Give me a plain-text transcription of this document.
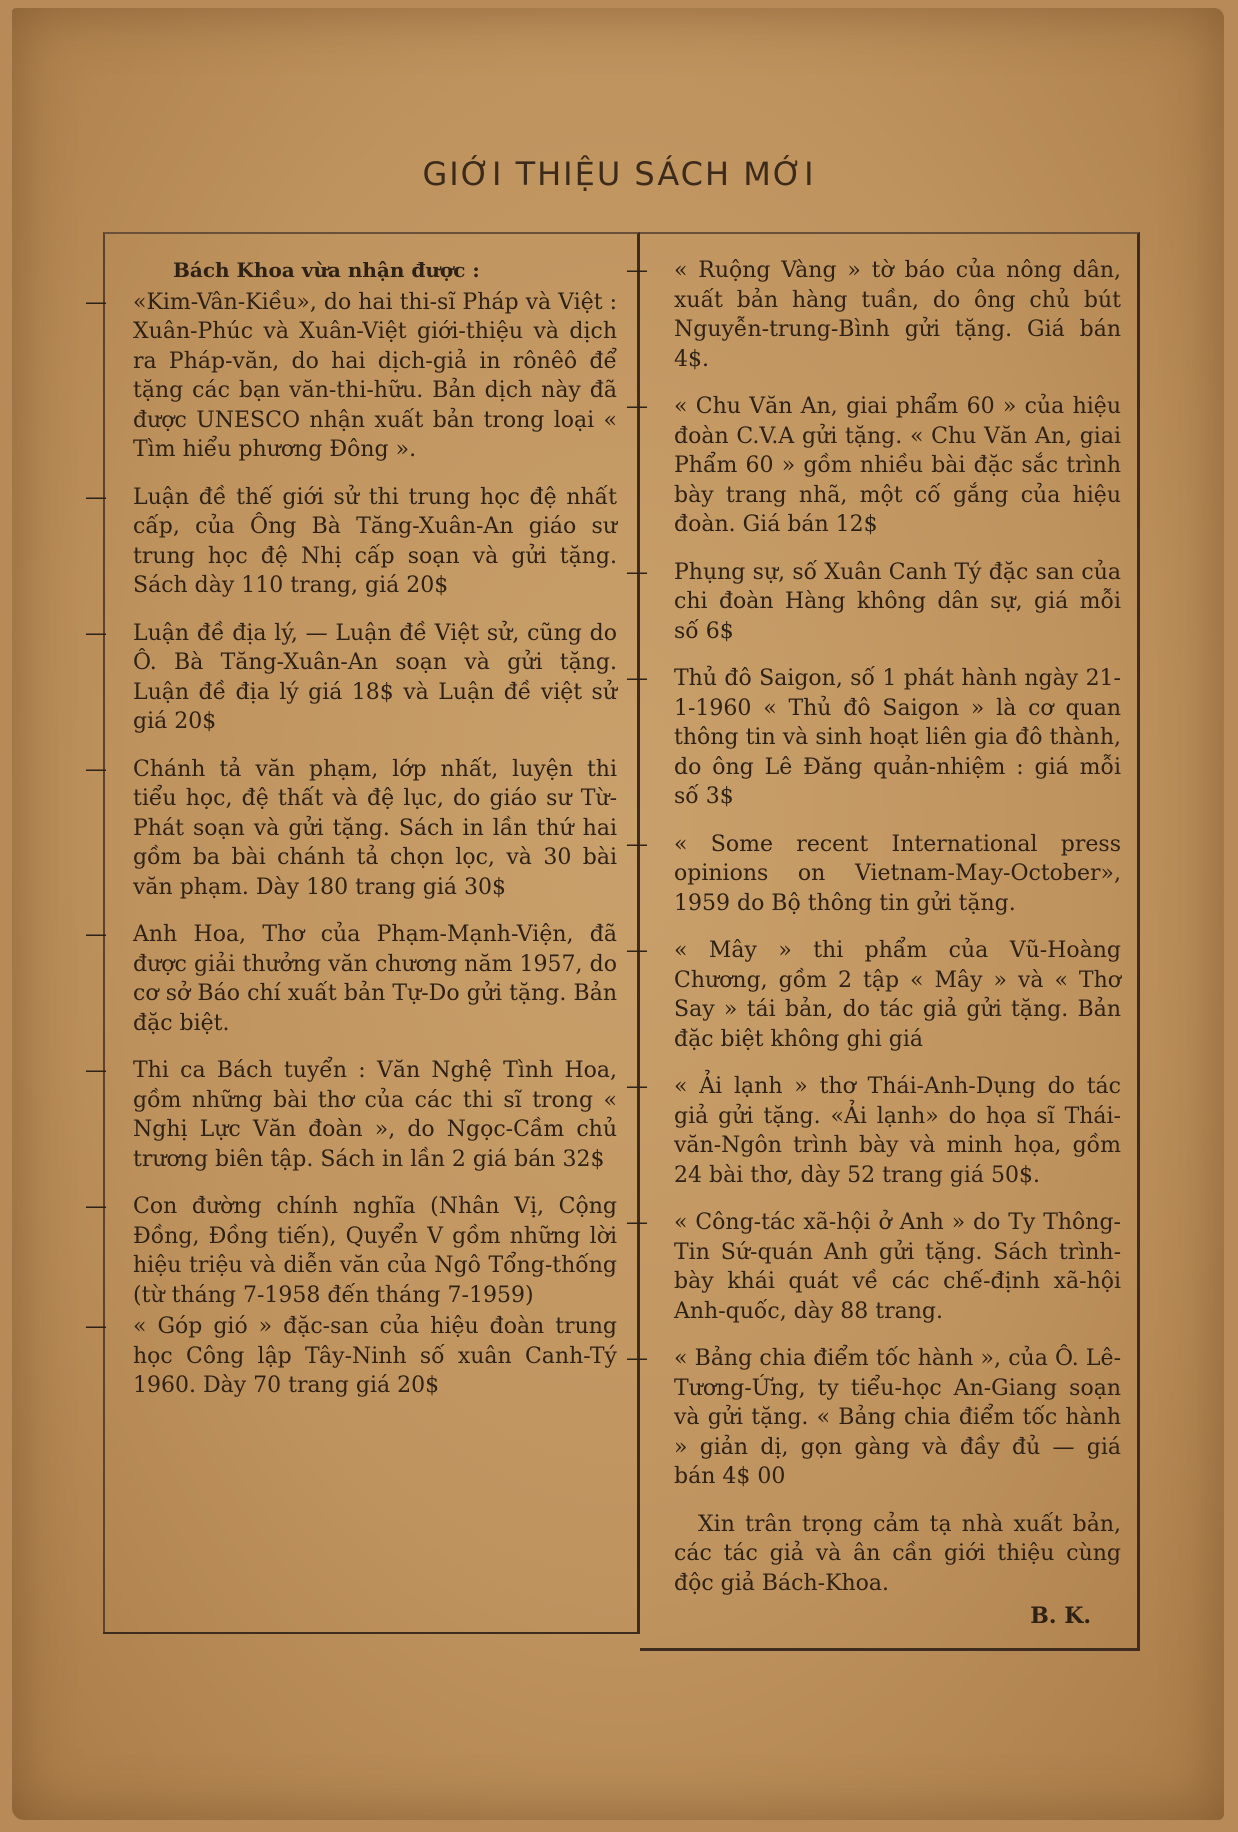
GIỚI THIỆU SÁCH MỚI

Bách Khoa vừa nhận được :

— «Kim-Vân-Kiều», do hai thi-sĩ Pháp và Việt : Xuân-Phúc và Xuân-Việt giới-thiệu và dịch ra Pháp-văn, do hai dịch-giả in rônêô để tặng các bạn văn-thi-hữu. Bản dịch này đã được UNESCO nhận xuất bản trong loại « Tìm hiểu phương Đông ».

— Luận đề thế giới sử thi trung học đệ nhất cấp, của Ông Bà Tăng-Xuân-An giáo sư trung học đệ Nhị cấp soạn và gửi tặng. Sách dày 110 trang, giá 20$

— Luận đề địa lý, — Luận đề Việt sử, cũng do Ô. Bà Tăng-Xuân-An soạn và gửi tặng. Luận đề địa lý giá 18$ và Luận đề việt sử giá 20$

— Chánh tả văn phạm, lớp nhất, luyện thi tiểu học, đệ thất và đệ lục, do giáo sư Từ-Phát soạn và gửi tặng. Sách in lần thứ hai gồm ba bài chánh tả chọn lọc, và 30 bài văn phạm. Dày 180 trang giá 30$

— Anh Hoa, Thơ của Phạm-Mạnh-Viện, đã được giải thưởng văn chương năm 1957, do cơ sở Báo chí xuất bản Tự-Do gửi tặng. Bản đặc biệt.

— Thi ca Bách tuyển : Văn Nghệ Tình Hoa, gồm những bài thơ của các thi sĩ trong « Nghị Lực Văn đoàn », do Ngọc-Cầm chủ trương biên tập. Sách in lần 2 giá bán 32$

— Con đường chính nghĩa (Nhân Vị, Cộng Đồng, Đồng tiến), Quyển V gồm những lời hiệu triệu và diễn văn của Ngô Tổng-thống (từ tháng 7-1958 đến tháng 7-1959)

— « Góp gió » đặc-san của hiệu đoàn trung học Công lập Tây-Ninh số xuân Canh-Tý 1960. Dày 70 trang giá 20$

— « Ruộng Vàng » tờ báo của nông dân, xuất bản hàng tuần, do ông chủ bút Nguyễn-trung-Bình gửi tặng. Giá bán 4$.

— « Chu Văn An, giai phẩm 60 » của hiệu đoàn C.V.A gửi tặng. « Chu Văn An, giai Phẩm 60 » gồm nhiều bài đặc sắc trình bày trang nhã, một cố gắng của hiệu đoàn. Giá bán 12$

— Phụng sự, số Xuân Canh Tý đặc san của chi đoàn Hàng không dân sự, giá mỗi số 6$

— Thủ đô Saigon, số 1 phát hành ngày 21-1-1960 « Thủ đô Saigon » là cơ quan thông tin và sinh hoạt liên gia đô thành, do ông Lê Đăng quản-nhiệm : giá mỗi số 3$

— « Some recent International press opinions on Vietnam-May-October», 1959 do Bộ thông tin gửi tặng.

— « Mây » thi phẩm của Vũ-Hoàng Chương, gồm 2 tập « Mây » và « Thơ Say » tái bản, do tác giả gửi tặng. Bản đặc biệt không ghi giá

— « Ải lạnh » thơ Thái-Anh-Dụng do tác giả gửi tặng. «Ải lạnh» do họa sĩ Thái-văn-Ngôn trình bày và minh họa, gồm 24 bài thơ, dày 52 trang giá 50$.

— « Công-tác xã-hội ở Anh » do Ty Thông-Tin Sứ-quán Anh gửi tặng. Sách trình-bày khái quát về các chế-định xã-hội Anh-quốc, dày 88 trang.

— « Bảng chia điểm tốc hành », của Ô. Lê-Tương-Ứng, ty tiểu-học An-Giang soạn và gửi tặng. « Bảng chia điểm tốc hành » giản dị, gọn gàng và đầy đủ — giá bán 4$ 00

Xin trân trọng cảm tạ nhà xuất bản, các tác giả và ân cần giới thiệu cùng độc giả Bách-Khoa.

B. K.
